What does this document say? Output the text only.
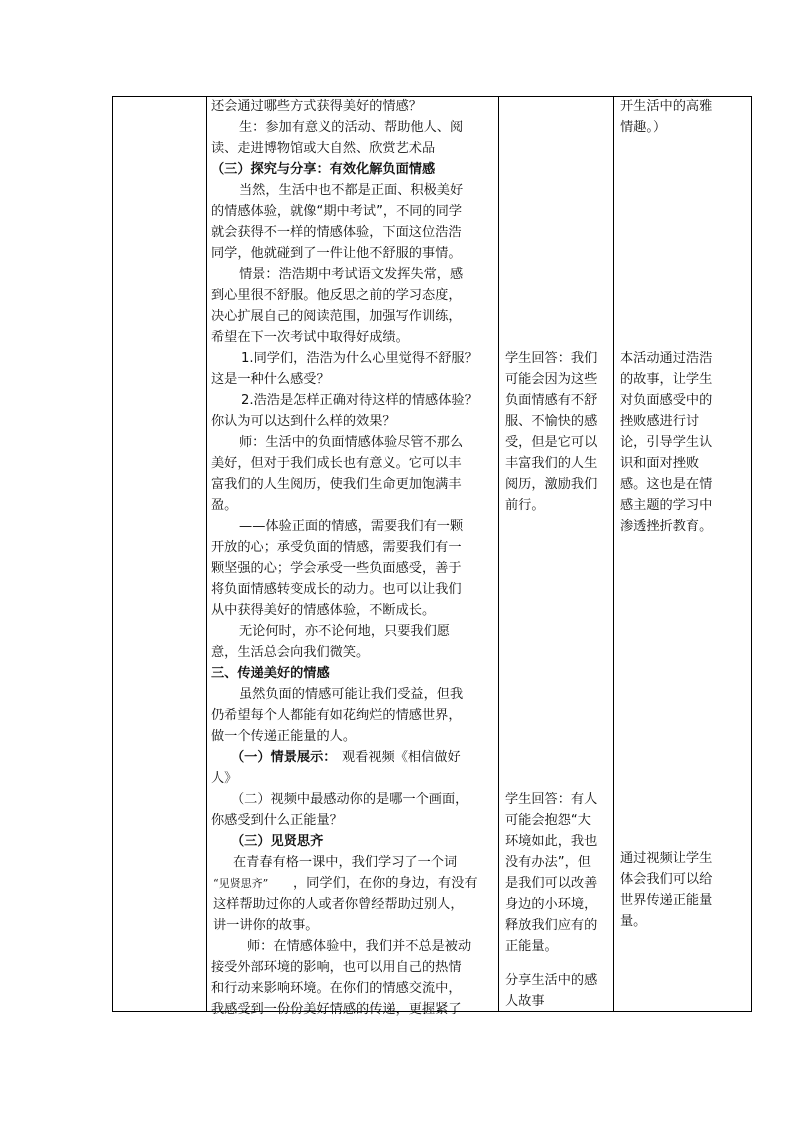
还会通过哪些方式获得美好的情感？
生：参加有意义的活动、帮助他人、阅
读、走进博物馆或大自然、欣赏艺术品
（三）探究与分享：有效化解负面情感
当然，生活中也不都是正面、积极美好
的情感体验，就像“期中考试”，不同的同学
就会获得不一样的情感体验，下面这位浩浩
同学，他就碰到了一件让他不舒服的事情。
情景：浩浩期中考试语文发挥失常，感
到心里很不舒服。他反思之前的学习态度，
决心扩展自己的阅读范围，加强写作训练，
希望在下一次考试中取得好成绩。
1.同学们，浩浩为什么心里觉得不舒服？
这是一种什么感受？
2.浩浩是怎样正确对待这样的情感体验？
你认为可以达到什么样的效果？
师：生活中的负面情感体验尽管不那么
美好，但对于我们成长也有意义。它可以丰
富我们的人生阅历，使我们生命更加饱满丰
盈。
——体验正面的情感，需要我们有一颗
开放的心；承受负面的情感，需要我们有一
颗坚强的心；学会承受一些负面感受，善于
将负面情感转变成长的动力。也可以让我们
从中获得美好的情感体验，不断成长。
无论何时，亦不论何地，只要我们愿
意，生活总会向我们微笑。
三、传递美好的情感
虽然负面的情感可能让我们受益，但我
仍希望每个人都能有如花绚烂的情感世界，
做一个传递正能量的人。
（一）情景展示： 观看视频《相信做好
人》
（二）视频中最感动你的是哪一个画面，
你感受到什么正能量？
（三）见贤思齐
在青春有格一课中，我们学习了一个词
“见贤思齐” ，同学们，在你的身边，有没有
这样帮助过你的人或者你曾经帮助过别人，
讲一讲你的故事。
师：在情感体验中，我们并不总是被动
接受外部环境的影响，也可以用自己的热情
和行动来影响环境。在你们的情感交流中，
我感受到一份份美好情感的传递，更握紧了
学生回答：我们
可能会因为这些
负面情感有不舒
服、不愉快的感
受，但是它可以
丰富我们的人生
阅历，激励我们
前行。
学生回答：有人
可能会抱怨“大
环境如此，我也
没有办法”，但
是我们可以改善
身边的小环境，
释放我们应有的
正能量。
分享生活中的感
人故事
开生活中的高雅
情趣。）
本活动通过浩浩
的故事，让学生
对负面感受中的
挫败感进行讨
论，引导学生认
识和面对挫败
感。这也是在情
感主题的学习中
渗透挫折教育。
通过视频让学生
体会我们可以给
世界传递正能量
量。
